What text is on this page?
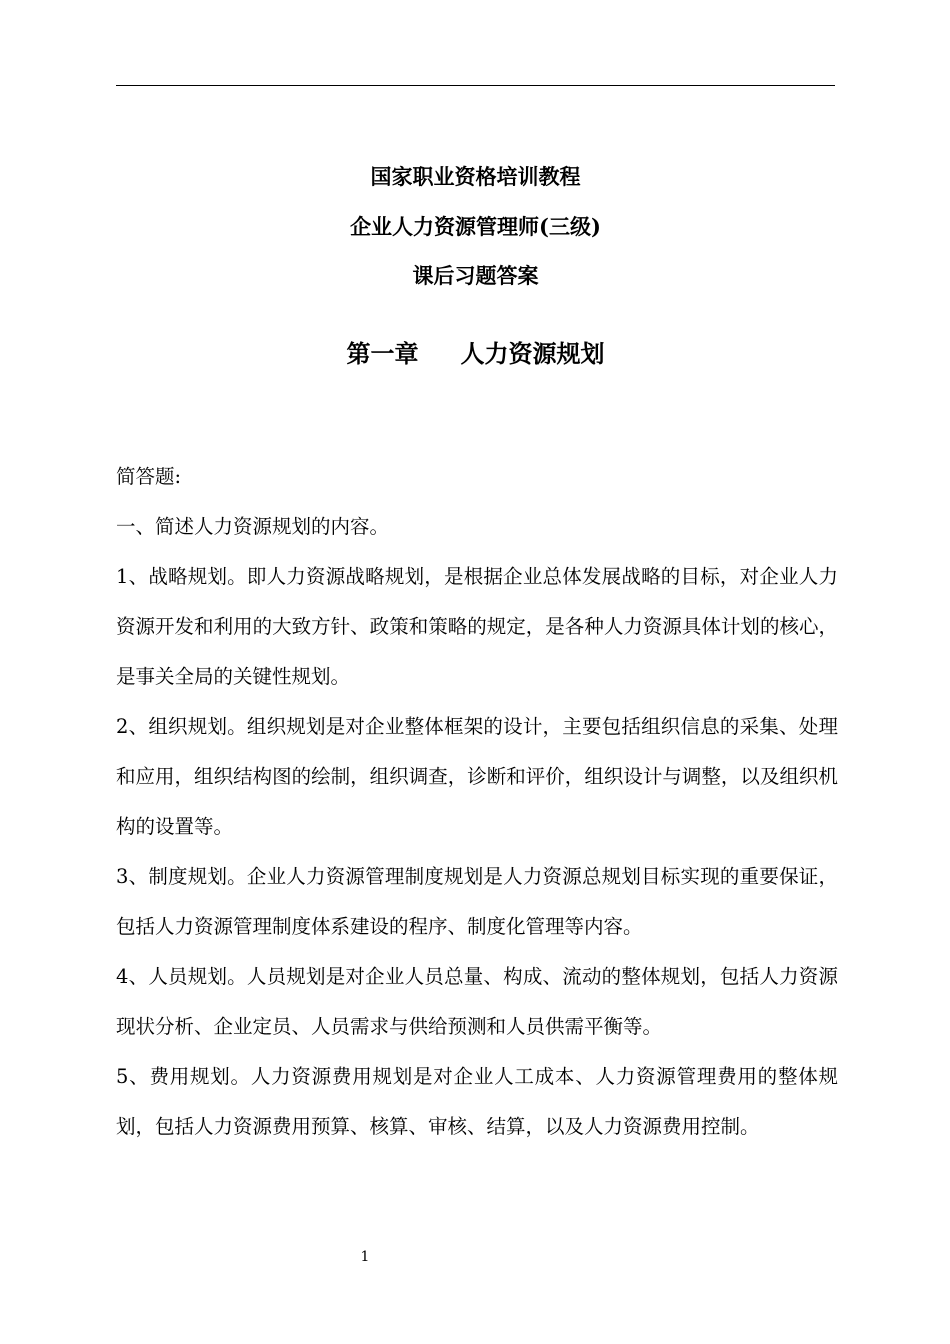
国家职业资格培训教程
企业人力资源管理师(三级)
课后习题答案
第一章 人力资源规划

简答题:

一、简述人力资源规划的内容。

1、战略规划。即人力资源战略规划，是根据企业总体发展战略的目标，对企业人力资源开发和利用的大致方针、政策和策略的规定，是各种人力资源具体计划的核心，是事关全局的关键性规划。

2、组织规划。组织规划是对企业整体框架的设计，主要包括组织信息的采集、处理和应用，组织结构图的绘制，组织调查，诊断和评价，组织设计与调整，以及组织机构的设置等。

3、制度规划。企业人力资源管理制度规划是人力资源总规划目标实现的重要保证，包括人力资源管理制度体系建设的程序、制度化管理等内容。

4、人员规划。人员规划是对企业人员总量、构成、流动的整体规划，包括人力资源现状分析、企业定员、人员需求与供给预测和人员供需平衡等。

5、费用规划。人力资源费用规划是对企业人工成本、人力资源管理费用的整体规划，包括人力资源费用预算、核算、审核、结算，以及人力资源费用控制。

1
